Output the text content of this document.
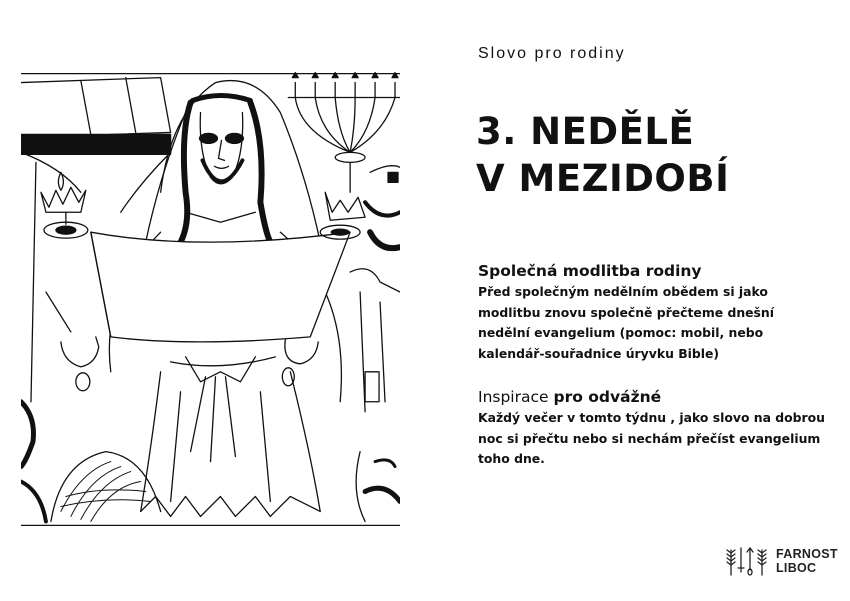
Slovo pro rodiny
3. NEDĚLĚ
V MEZIDOBÍ
Společná modlitba rodiny
Před společným nedělním obědem si jako
modlitbu znovu společně přečteme dnešní
nedělní evangelium (pomoc: mobil, nebo
kalendář-souřadnice úryvku Bible)
Inspirace pro odvážné
Každý večer v tomto týdnu , jako slovo na dobrou
noc si přečtu nebo si nechám přečíst evangelium
toho dne.
FARNOST
LIBOC
